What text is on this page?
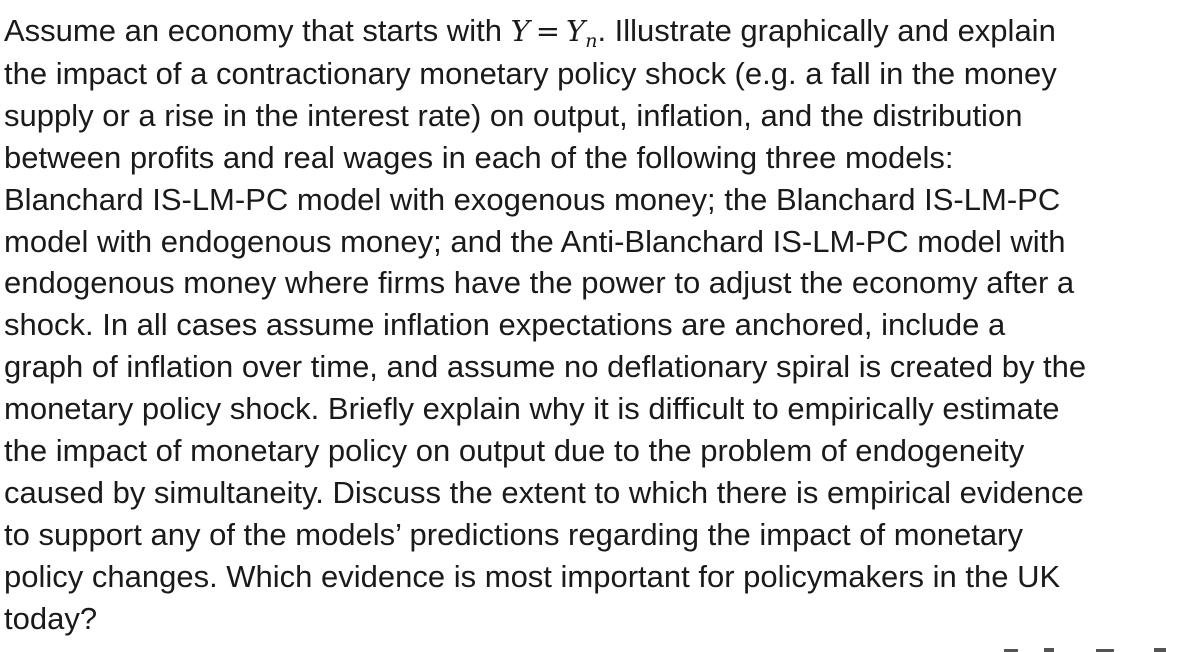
Assume an economy that starts with $Y = Y_n$. Illustrate graphically and explain
the impact of a contractionary monetary policy shock (e.g. a fall in the money
supply or a rise in the interest rate) on output, inflation, and the distribution
between profits and real wages in each of the following three models:
Blanchard IS-LM-PC model with exogenous money; the Blanchard IS-LM-PC
model with endogenous money; and the Anti-Blanchard IS-LM-PC model with
endogenous money where firms have the power to adjust the economy after a
shock. In all cases assume inflation expectations are anchored, include a
graph of inflation over time, and assume no deflationary spiral is created by the
monetary policy shock. Briefly explain why it is difficult to empirically estimate
the impact of monetary policy on output due to the problem of endogeneity
caused by simultaneity. Discuss the extent to which there is empirical evidence
to support any of the models’ predictions regarding the impact of monetary
policy changes. Which evidence is most important for policymakers in the UK
today?
